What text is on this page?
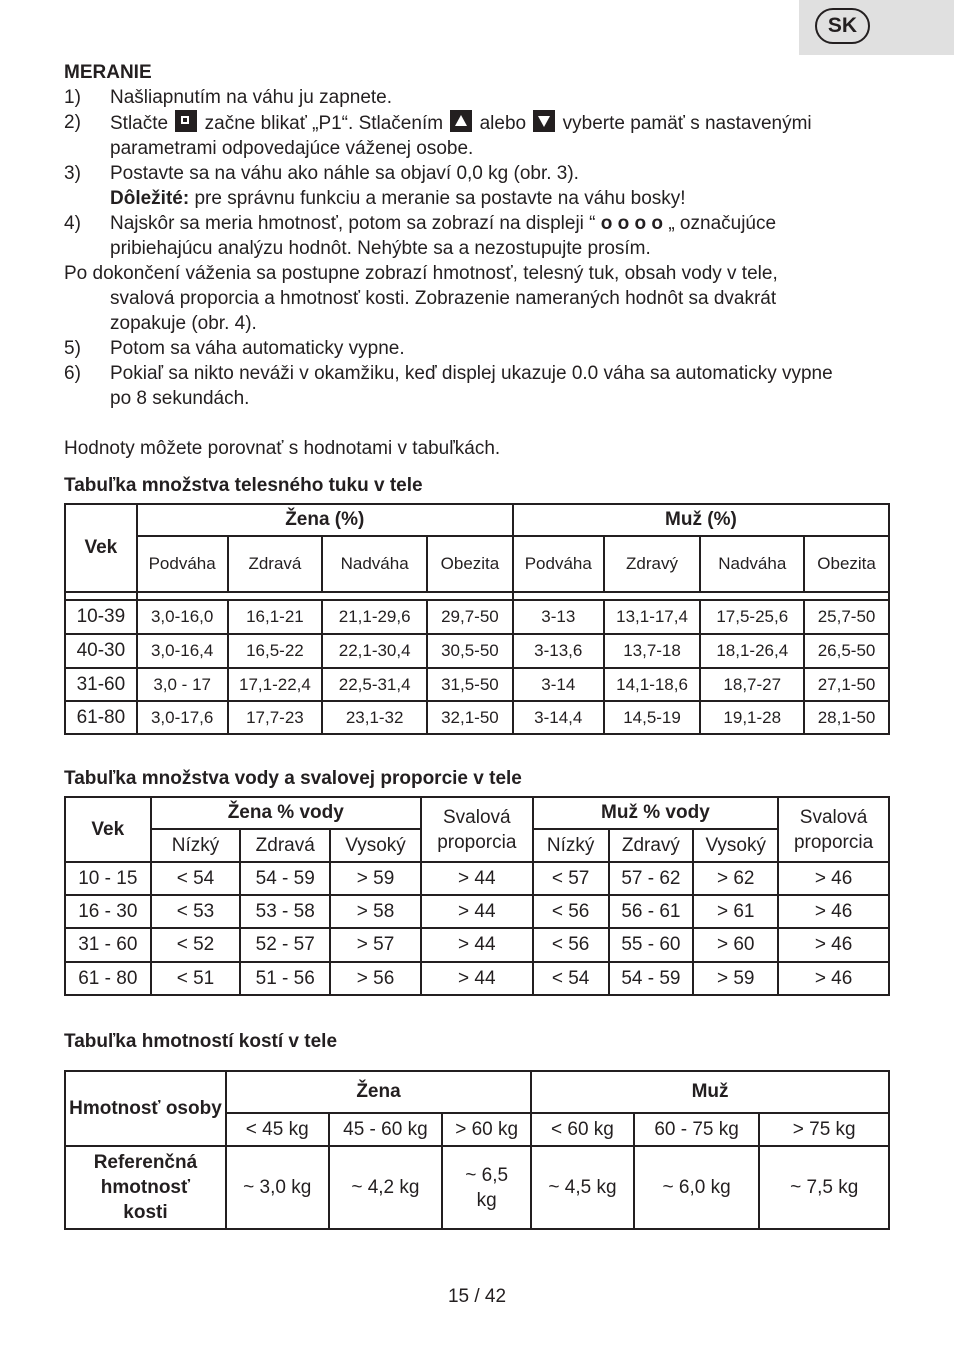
SK
MERANIE
1)	Našliapnutím na váhu ju zapnete.
2)	Stlačte začne blikať „P1“. Stlačením alebo vyberte pamäť s nastavenými
parametrami odpovedajúce váženej osobe.
3)	Postavte sa na váhu ako náhle sa objaví 0,0 kg (obr. 3).
Dôležité: pre správnu funkciu a meranie sa postavte na váhu bosky!
4)	Najskôr sa meria hmotnosť, potom sa zobrazí na displeji “ o o o o „ označujúce
pribiehajúcu analýzu hodnôt. Nehýbte sa a nezostupujte prosím.
Po dokončení váženia sa postupne zobrazí hmotnosť, telesný tuk, obsah vody v tele,
svalová proporcia a hmotnosť kosti. Zobrazenie nameraných hodnôt sa dvakrát
zopakuje (obr. 4).
5)	Potom sa váha automaticky vypne.
6)	Pokiaľ sa nikto neváži v okamžiku, keď displej ukazuje 0.0 váha sa automaticky vypne
po 8 sekundách.
Hodnoty môžete porovnať s hodnotami v tabuľkách.
Tabuľka množstva telesného tuku v tele
Vek	Žena (%)				Muž (%)			
	Podváha	Zdravá	Nadváha	Obezita	Podváha	Zdravý	Nadváha	Obezita

10-39	3,0-16,0	16,1-21	21,1-29,6	29,7-50	3-13	13,1-17,4	17,5-25,6	25,7-50
40-30	3,0-16,4	16,5-22	22,1-30,4	30,5-50	3-13,6	13,7-18	18,1-26,4	26,5-50
31-60	3,0 - 17	17,1-22,4	22,5-31,4	31,5-50	3-14	14,1-18,6	18,7-27	27,1-50
61-80	3,0-17,6	17,7-23	23,1-32	32,1-50	3-14,4	14,5-19	19,1-28	28,1-50
Tabuľka množstva vody a svalovej proporcie v tele
Vek	Žena % vody			Svalová proporcia	Muž % vody			Svalová proporcia
	Nízký	Zdravá	Vysoký		Nízký	Zdravý	Vysoký	
10 - 15	< 54	54 - 59	> 59	> 44	< 57	57 - 62	> 62	> 46
16 - 30	< 53	53 - 58	> 58	> 44	< 56	56 - 61	> 61	> 46
31 - 60	< 52	52 - 57	> 57	> 44	< 56	55 - 60	> 60	> 46
61 - 80	< 51	51 - 56	> 56	> 44	< 54	54 - 59	> 59	> 46
Tabuľka hmotností kostí v tele
Hmotnosť osoby	Žena			Muž		
	< 45 kg	45 - 60 kg	> 60 kg	< 60 kg	60 - 75 kg	> 75 kg
Referenčná hmotnosť kosti	~ 3,0 kg	~ 4,2 kg	~ 6,5 kg	~ 4,5 kg	~ 6,0 kg	~ 7,5 kg
15 / 42
